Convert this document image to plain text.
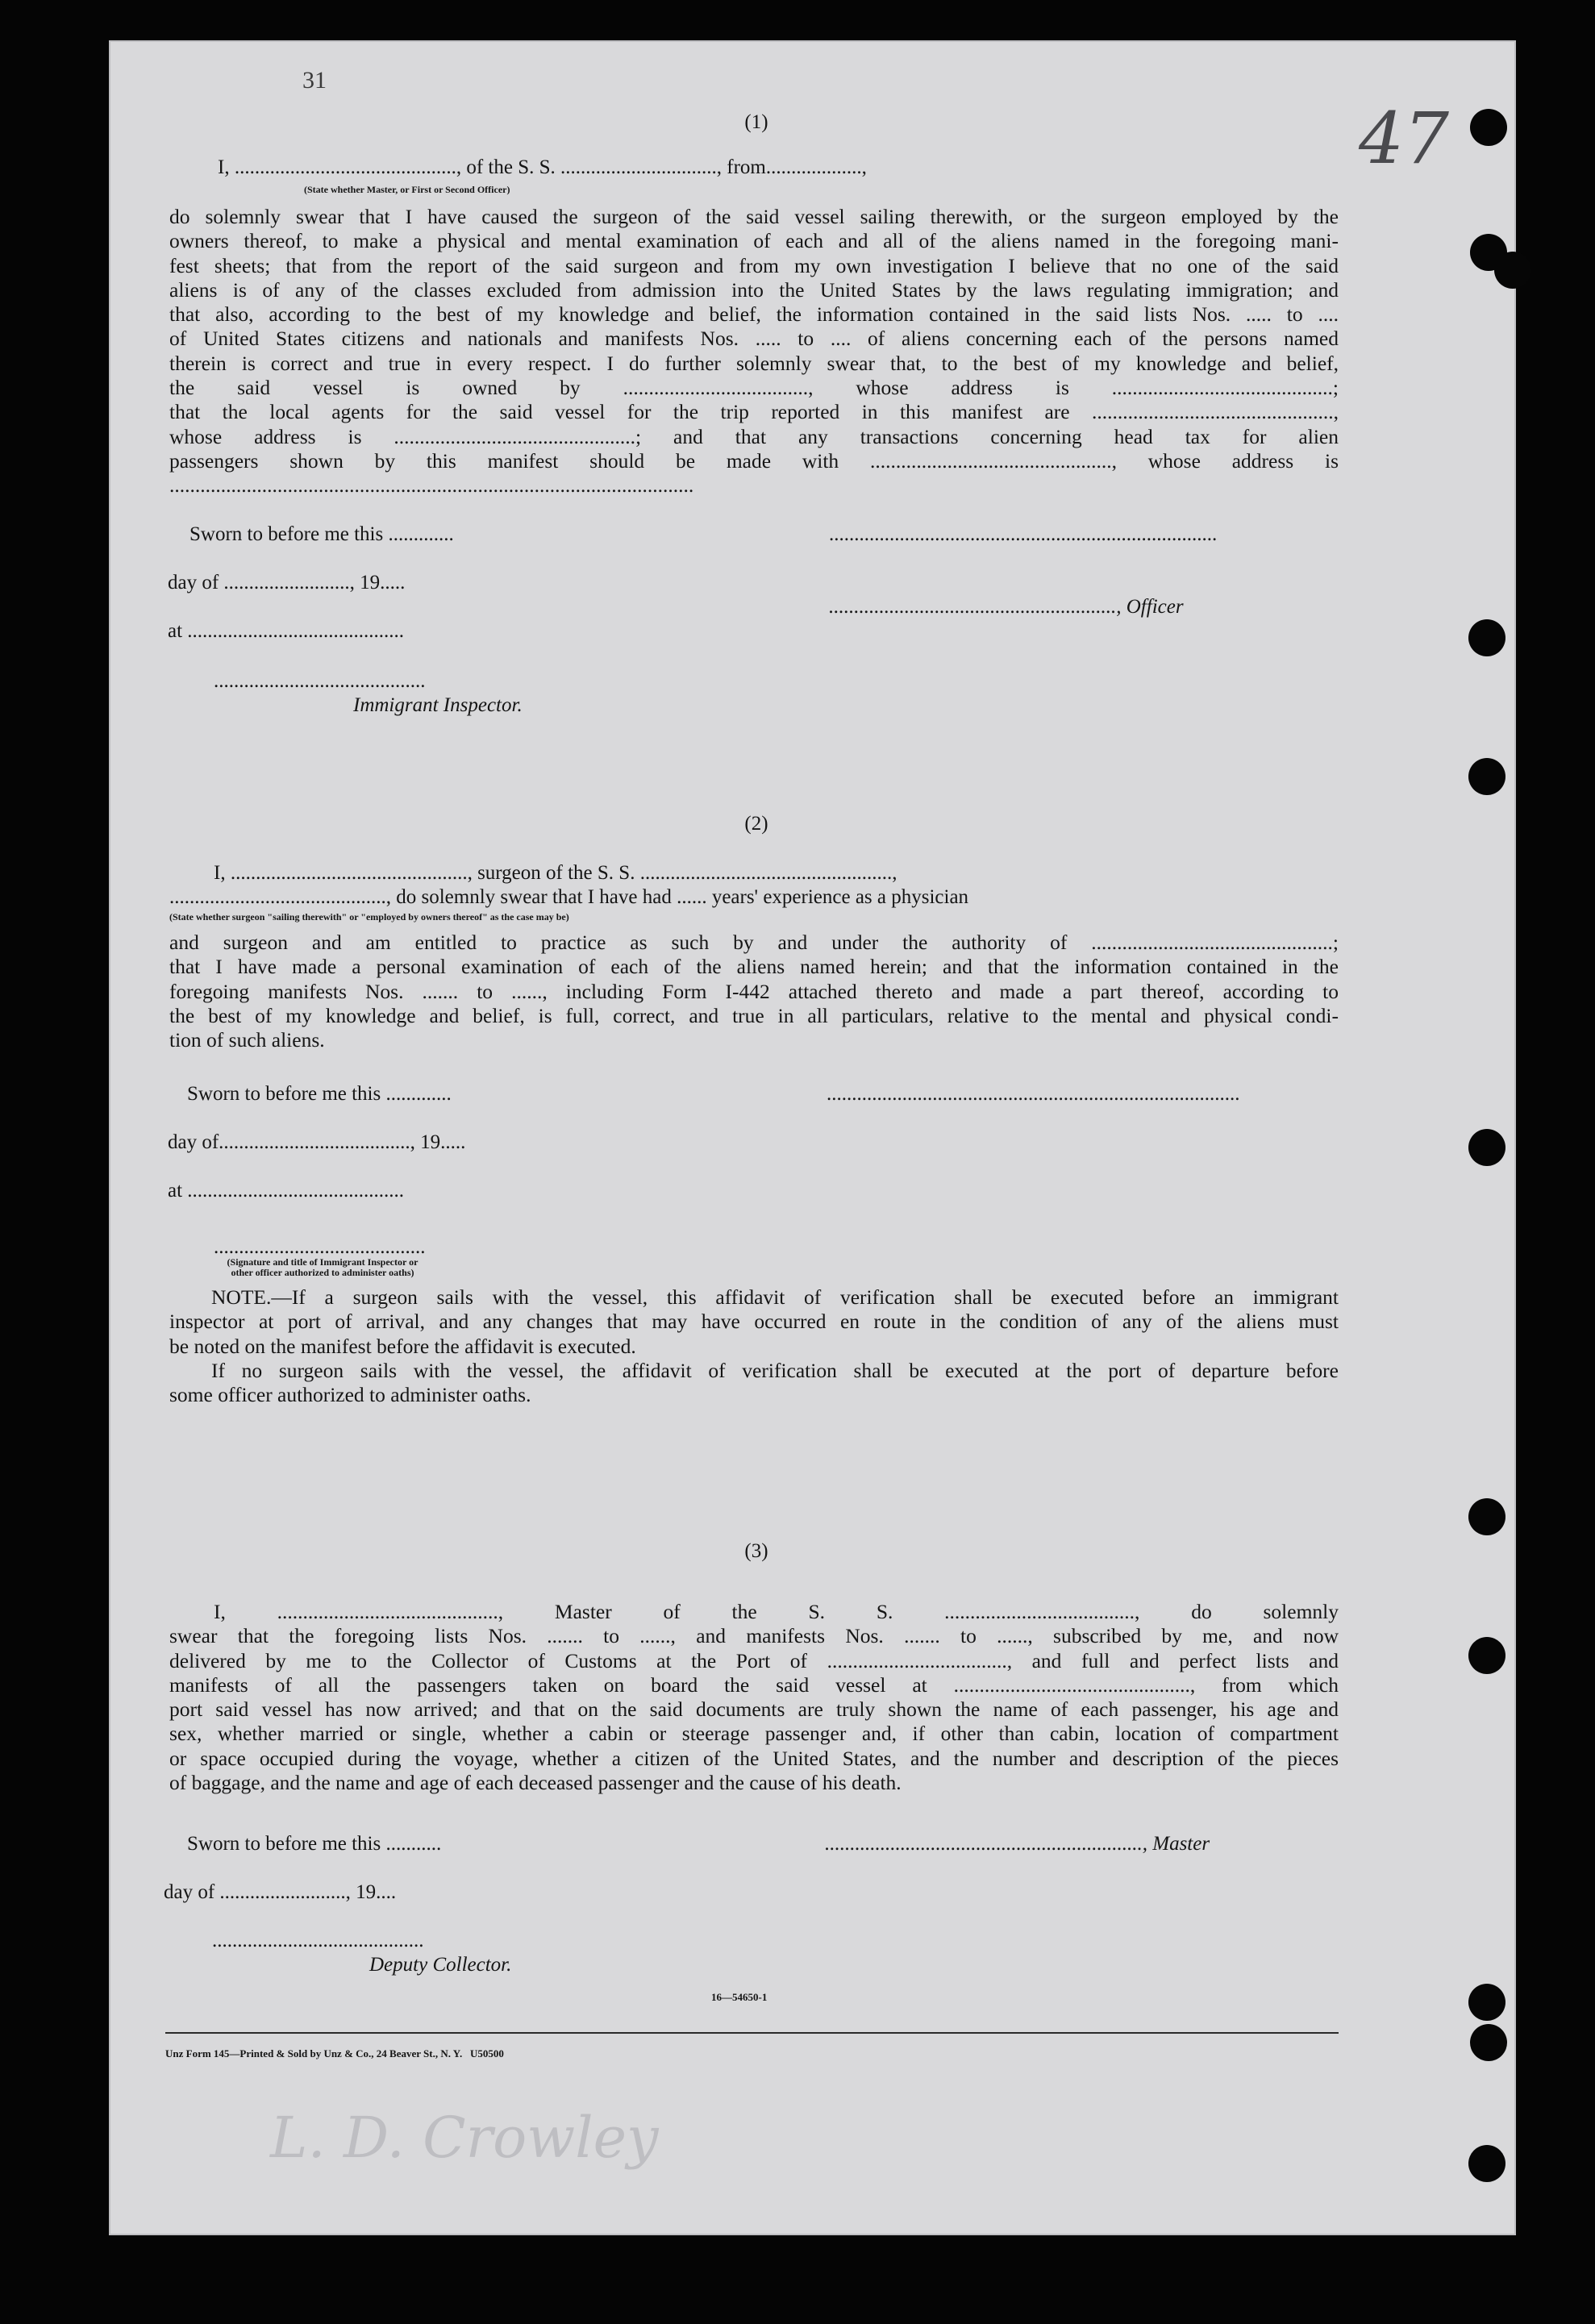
31
47
(1)
I, ............................................, of the S. S. ..............................., from...................,
(State whether Master, or First or Second Officer)
do solemnly swear that I have caused the surgeon of the said vessel sailing therewith, or the surgeon employed by the
owners thereof, to make a physical and mental examination of each and all of the aliens named in the foregoing mani-
fest sheets; that from the report of the said surgeon and from my own investigation I believe that no one of the said
aliens is of any of the classes excluded from admission into the United States by the laws regulating immigration; and
that also, according to the best of my knowledge and belief, the information contained in the said lists Nos. ..... to ....
of United States citizens and nationals and manifests Nos. ..... to .... of aliens concerning each of the persons named
therein is correct and true in every respect. I do further solemnly swear that, to the best of my knowledge and belief,
the said vessel is owned by ...................................., whose address is ...........................................;
that the local agents for the said vessel for the trip reported in this manifest are ...............................................,
whose address is ...............................................; and that any transactions concerning head tax for alien
passengers shown by this manifest should be made with ..............................................., whose address is
......................................................................................................
Sworn to before me this .............	.............................................................................
day of ........................., 19.....
........................................................., Officer
at ...........................................
..........................................
Immigrant Inspector.
(2)
I, ..............................................., surgeon of the S. S. ..................................................,
..........................................., do solemnly swear that I have had ...... years' experience as a physician
(State whether surgeon "sailing therewith" or "employed by owners thereof" as the case may be)
and surgeon and am entitled to practice as such by and under the authority of ...............................................;
that I have made a personal examination of each of the aliens named herein; and that the information contained in the
foregoing manifests Nos. ....... to ......, including Form I-442 attached thereto and made a part thereof, according to
the best of my knowledge and belief, is full, correct, and true in all particulars, relative to the mental and physical condi-
tion of such aliens.
Sworn to before me this .............	..................................................................................
day of......................................, 19.....
at ...........................................
..........................................
(Signature and title of Immigrant Inspector or
other officer authorized to administer oaths)
NOTE.—If a surgeon sails with the vessel, this affidavit of verification shall be executed before an immigrant
inspector at port of arrival, and any changes that may have occurred en route in the condition of any of the aliens must
be noted on the manifest before the affidavit is executed.
If no surgeon sails with the vessel, the affidavit of verification shall be executed at the port of departure before
some officer authorized to administer oaths.
(3)
I, ..........................................., Master of the S. S. ....................................., do solemnly
swear that the foregoing lists Nos. ....... to ......, and manifests Nos. ....... to ......, subscribed by me, and now
delivered by me to the Collector of Customs at the Port of ..................................., and full and perfect lists and
manifests of all the passengers taken on board the said vessel at .............................................., from which
port said vessel has now arrived; and that on the said documents are truly shown the name of each passenger, his age and
sex, whether married or single, whether a cabin or steerage passenger and, if other than cabin, location of compartment
or space occupied during the voyage, whether a citizen of the United States, and the number and description of the pieces
of baggage, and the name and age of each deceased passenger and the cause of his death.
Sworn to before me this ...........	..............................................................., Master
day of ........................., 19....
..........................................
Deputy Collector.
16—54650-1
Unz Form 145—Printed & Sold by Unz & Co., 24 Beaver St., N. Y.   U50500
L. D. Crowley
